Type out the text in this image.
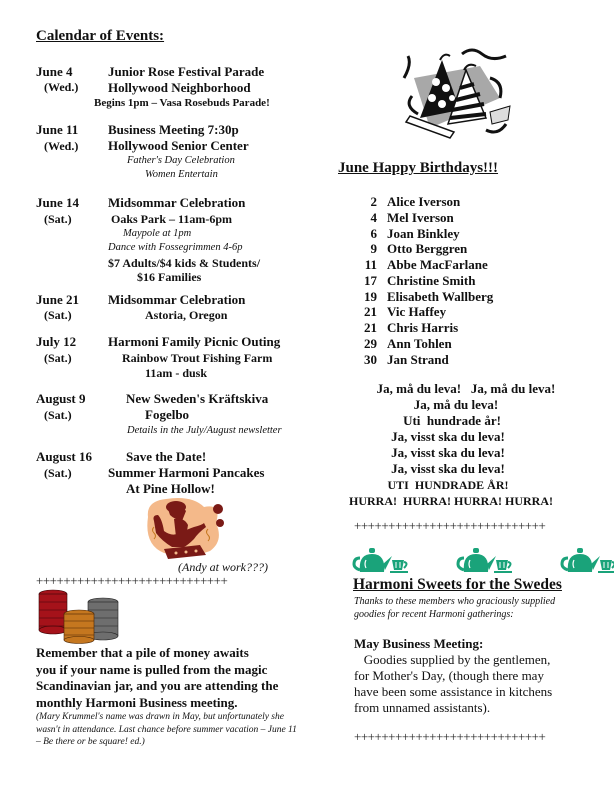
Calendar of Events:
June 4
(Wed.)
Junior Rose Festival Parade
Hollywood Neighborhood
Begins 1pm – Vasa Rosebuds Parade!
June 11
(Wed.)
Business Meeting 7:30p
Hollywood Senior Center
Father's Day Celebration
Women Entertain
June 14
(Sat.)
Midsommar Celebration
Oaks Park – 11am-6pm
Maypole at 1pm
Dance with Fossegrimmen 4-6p
$7 Adults/$4 kids & Students/
$16 Families
June 21
(Sat.)
Midsommar Celebration
Astoria, Oregon
July 12
(Sat.)
Harmoni Family Picnic Outing
Rainbow Trout Fishing Farm
11am - dusk
August 9
(Sat.)
New Sweden's Kräftskiva
Fogelbo
Details in the July/August newsletter
August 16
(Sat.)
Save the Date!
Summer Harmoni Pancakes
At Pine Hollow!
(Andy at work???)
++++++++++++++++++++++++++++
Remember that a pile of money awaits
you if your name is pulled from the magic
Scandinavian jar, and you are attending the
monthly Harmoni Business meeting.
(Mary Krummel's name was drawn in May, but unfortunately she
wasn't in attendance. Last chance before summer vacation – June 11
– Be there or be square! ed.)
June Happy Birthdays!!!
2 Alice Iverson
4 Mel Iverson
6 Joan Binkley
9 Otto Berggren
11 Abbe MacFarlane
17 Christine Smith
19 Elisabeth Wallberg
21 Vic Haffey
21 Chris Harris
29 Ann Tohlen
30 Jan Strand
Ja, må du leva!   Ja, må du leva!
Ja, må du leva!
Uti  hundrade år!
Ja, visst ska du leva!
Ja, visst ska du leva!
Ja, visst ska du leva!
UTI  HUNDRADE ÅR!
HURRA!  HURRA! HURRA! HURRA!
++++++++++++++++++++++++++++
Harmoni Sweets for the Swedes
Thanks to these members who graciously supplied
goodies for recent Harmoni gatherings:
May Business Meeting:
Goodies supplied by the gentlemen,
for Mother's Day, (though there may
have been some assistance in kitchens
from unnamed assistants).
++++++++++++++++++++++++++++
